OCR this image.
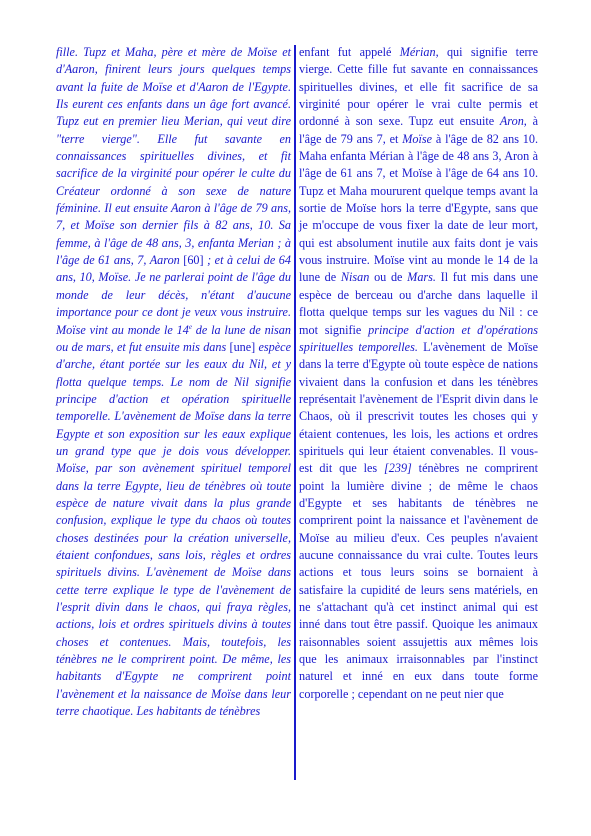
fille. Tupz et Maha, père et mère de Moïse et d'Aaron, finirent leurs jours quelques temps avant la fuite de Moïse et d'Aaron de l'Egypte. Ils eurent ces enfants dans un âge fort avancé. Tupz eut en premier lieu Merian, qui veut dire "terre vierge". Elle fut savante en connaissances spirituelles divines, et fit sacrifice de la virginité pour opérer le culte du Créateur ordonné à son sexe de nature féminine. Il eut ensuite Aaron à l'âge de 79 ans, 7, et Moïse son dernier fils à 82 ans, 10. Sa femme, à l'âge de 48 ans, 3, enfanta Merian ; à l'âge de 61 ans, 7, Aaron [60] ; et à celui de 64 ans, 10, Moïse. Je ne parlerai point de l'âge du monde de leur décès, n'étant d'aucune importance pour ce dont je veux vous instruire. Moïse vint au monde le 14e de la lune de nisan ou de mars, et fut ensuite mis dans [une] espèce d'arche, étant portée sur les eaux du Nil, et y flotta quelque temps. Le nom de Nil signifie principe d'action et opération spirituelle temporelle. L'avènement de Moïse dans la terre Egypte et son exposition sur les eaux explique un grand type que je dois vous développer. Moïse, par son avènement spirituel temporel dans la terre Egypte, lieu de ténèbres où toute espèce de nature vivait dans la plus grande confusion, explique le type du chaos où toutes choses destinées pour la création universelle, étaient confondues, sans lois, règles et ordres spirituels divins. L'avènement de Moïse dans cette terre explique le type de l'avènement de l'esprit divin dans le chaos, qui fraya règles, actions, lois et ordres spirituels divins à toutes choses et contenues. Mais, toutefois, les ténèbres ne le comprirent point. De même, les habitants d'Egypte ne comprirent point l'avènement et la naissance de Moïse dans leur terre chaotique. Les habitants de ténèbres

enfant fut appelé Mérian, qui signifie terre vierge. Cette fille fut savante en connaissances spirituelles divines, et elle fit sacrifice de sa virginité pour opérer le vrai culte permis et ordonné à son sexe. Tupz eut ensuite Aron, à l'âge de 79 ans 7, et Moïse à l'âge de 82 ans 10. Maha enfanta Mérian à l'âge de 48 ans 3, Aron à l'âge de 61 ans 7, et Moïse à l'âge de 64 ans 10. Tupz et Maha moururent quelque temps avant la sortie de Moïse hors la terre d'Egypte, sans que je m'occupe de vous fixer la date de leur mort, qui est absolument inutile aux faits dont je vais vous instruire. Moïse vint au monde le 14 de la lune de Nisan ou de Mars. Il fut mis dans une espèce de berceau ou d'arche dans laquelle il flotta quelque temps sur les vagues du Nil : ce mot signifie principe d'action et d'opérations spirituelles temporelles. L'avènement de Moïse dans la terre d'Egypte où toute espèce de nations vivaient dans la confusion et dans les ténèbres représentait l'avènement de l'Esprit divin dans le Chaos, où il prescrivit toutes les choses qui y étaient contenues, les lois, les actions et ordres spirituels qui leur étaient convenables. Il vous- est dit que les [239] ténèbres ne comprirent point la lumière divine ; de même le chaos d'Egypte et ses habitants de ténèbres ne comprirent point la naissance et l'avènement de Moïse au milieu d'eux. Ces peuples n'avaient aucune connaissance du vrai culte. Toutes leurs actions et tous leurs soins se bornaient à satisfaire la cupidité de leurs sens matériels, en ne s'attachant qu'à cet instinct animal qui est inné dans tout être passif. Quoique les animaux raisonnables soient assujettis aux mêmes lois que les animaux irraisonnables par l'instinct naturel et inné en eux dans toute forme corporelle ; cependant on ne peut nier que
